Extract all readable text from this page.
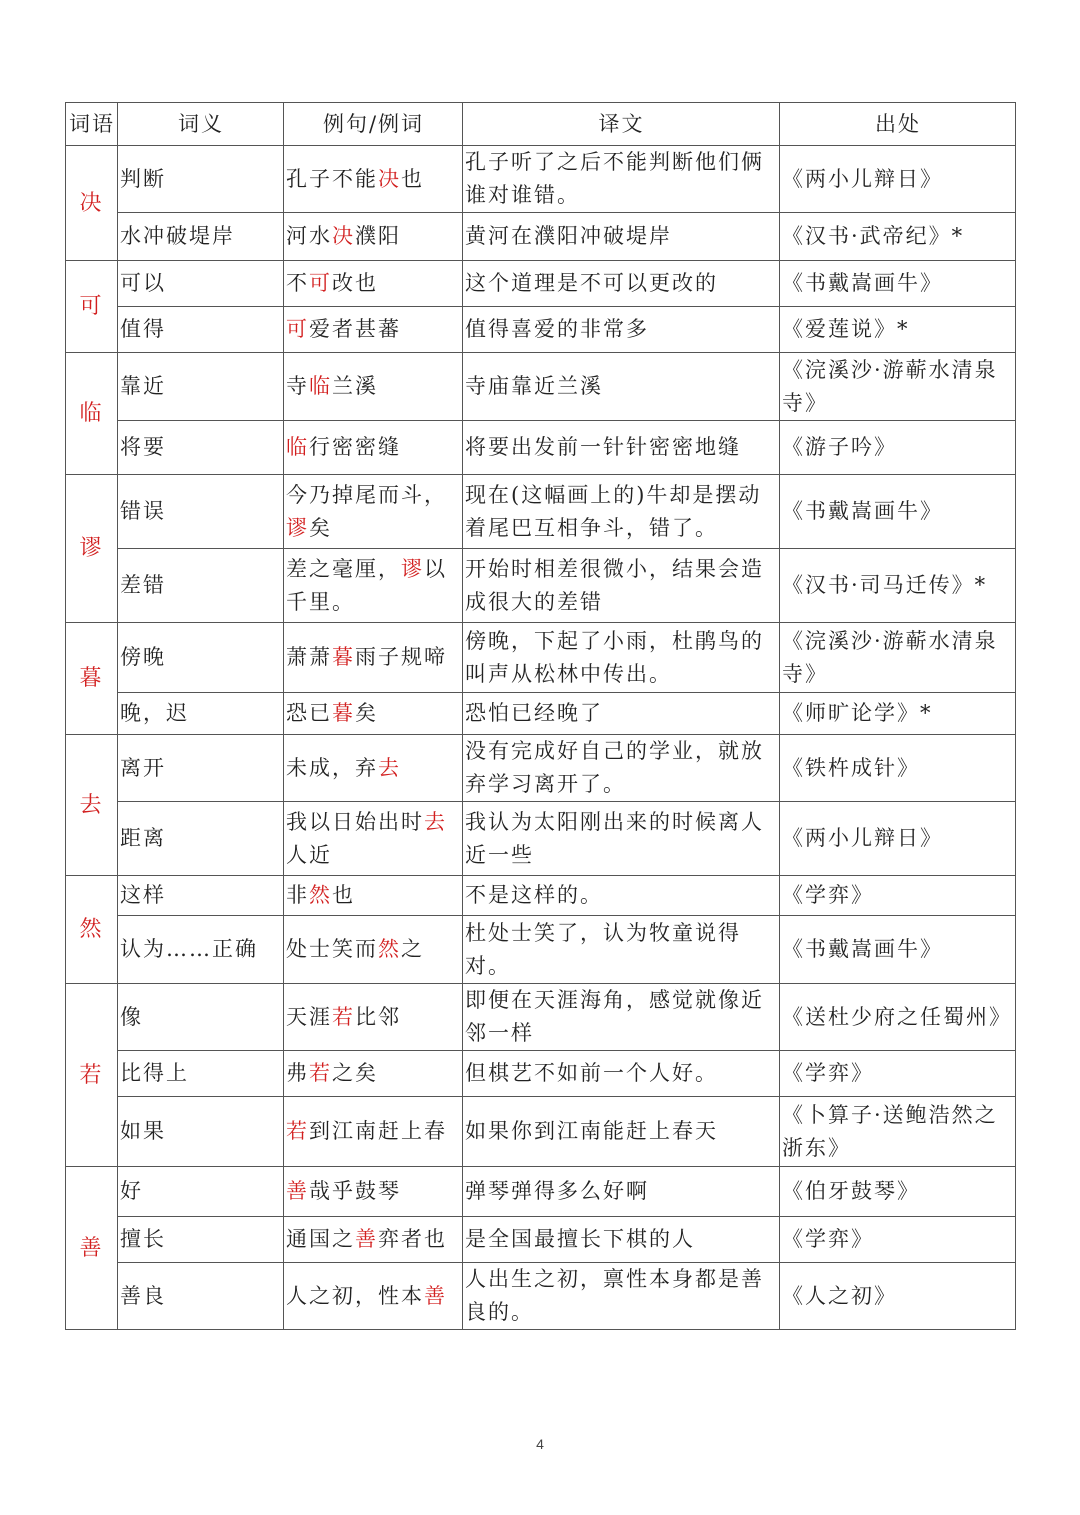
词语	词义	例句/例词	译文	出处
决	判断	孔子不能决也	孔子听了之后不能判断他们俩谁对谁错。	《两小儿辩日》
	水冲破堤岸	河水决濮阳	黄河在濮阳冲破堤岸	《汉书·武帝纪》*
可	可以	不可改也	这个道理是不可以更改的	《书戴嵩画牛》
	值得	可爱者甚蕃	值得喜爱的非常多	《爱莲说》*
临	靠近	寺临兰溪	寺庙靠近兰溪	《浣溪沙·游蕲水清泉寺》
	将要	临行密密缝	将要出发前一针针密密地缝	《游子吟》
谬	错误	今乃掉尾而斗，谬矣	现在(这幅画上的)牛却是摆动着尾巴互相争斗，错了。	《书戴嵩画牛》
	差错	差之毫厘，谬以千里。	开始时相差很微小，结果会造成很大的差错	《汉书·司马迁传》*
暮	傍晚	萧萧暮雨子规啼	傍晚，下起了小雨，杜鹃鸟的叫声从松林中传出。	《浣溪沙·游蕲水清泉寺》
	晚，迟	恐已暮矣	恐怕已经晚了	《师旷论学》*
去	离开	未成，弃去	没有完成好自己的学业，就放弃学习离开了。	《铁杵成针》
	距离	我以日始出时去人近	我认为太阳刚出来的时候离人近一些	《两小儿辩日》
然	这样	非然也	不是这样的。	《学弈》
	认为……正确	处士笑而然之	杜处士笑了，认为牧童说得对。	《书戴嵩画牛》
若	像	天涯若比邻	即便在天涯海角，感觉就像近邻一样	《送杜少府之任蜀州》
	比得上	弗若之矣	但棋艺不如前一个人好。	《学弈》
	如果	若到江南赶上春	如果你到江南能赶上春天	《卜算子·送鲍浩然之浙东》
善	好	善哉乎鼓琴	弹琴弹得多么好啊	《伯牙鼓琴》
	擅长	通国之善弈者也	是全国最擅长下棋的人	《学弈》
	善良	人之初，性本善	人出生之初，禀性本身都是善良的。	《人之初》
4
